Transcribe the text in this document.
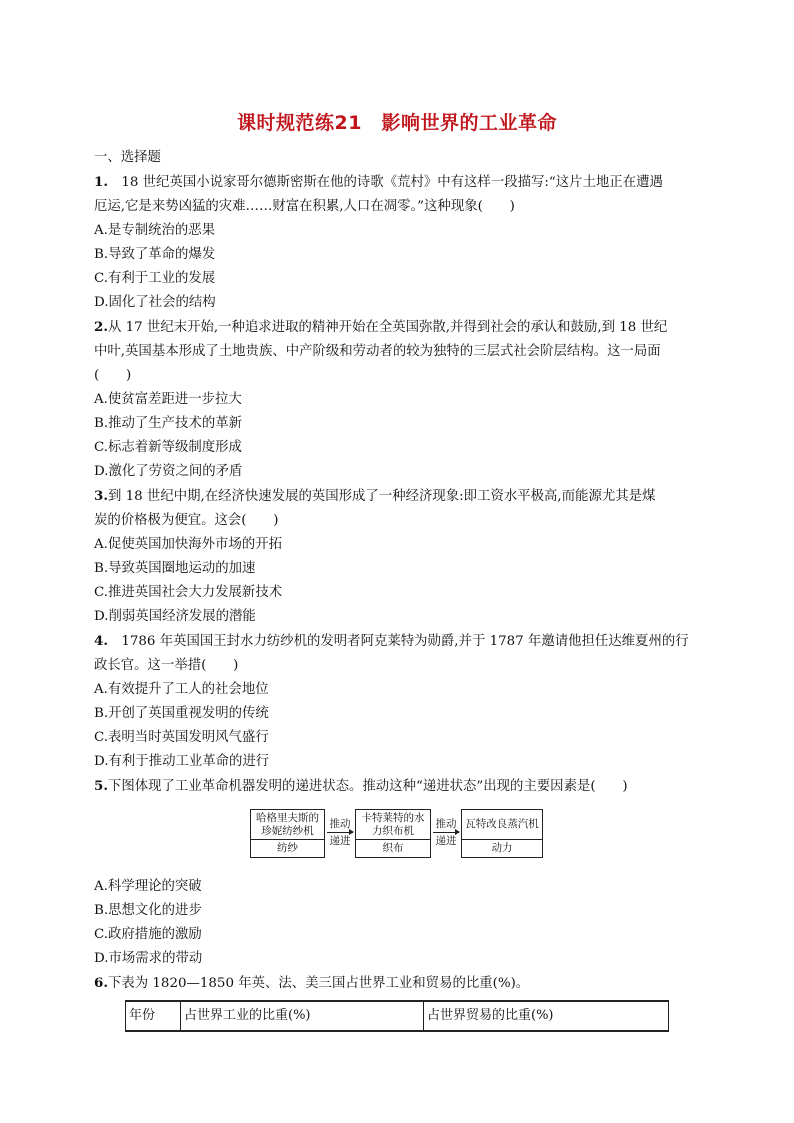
课时规范练21　影响世界的工业革命
一、选择题
1.　18 世纪英国小说家哥尔德斯密斯在他的诗歌《荒村》中有这样一段描写:“这片土地正在遭遇
厄运,它是来势凶猛的灾难……财富在积累,人口在凋零。”这种现象(　　)
A.是专制统治的恶果
B.导致了革命的爆发
C.有利于工业的发展
D.固化了社会的结构
2.从 17 世纪末开始,一种追求进取的精神开始在全英国弥散,并得到社会的承认和鼓励,到 18 世纪
中叶,英国基本形成了土地贵族、中产阶级和劳动者的较为独特的三层式社会阶层结构。这一局面
(　　)
A.使贫富差距进一步拉大
B.推动了生产技术的革新
C.标志着新等级制度形成
D.激化了劳资之间的矛盾
3.到 18 世纪中期,在经济快速发展的英国形成了一种经济现象:即工资水平极高,而能源尤其是煤
炭的价格极为便宜。这会(　　)
A.促使英国加快海外市场的开拓
B.导致英国圈地运动的加速
C.推进英国社会大力发展新技术
D.削弱英国经济发展的潜能
4.　1786 年英国国王封水力纺纱机的发明者阿克莱特为勋爵,并于 1787 年邀请他担任达维夏州的行
政长官。这一举措(　　)
A.有效提升了工人的社会地位
B.开创了英国重视发明的传统
C.表明当时英国发明风气盛行
D.有利于推动工业革命的进行
5.下图体现了工业革命机器发明的递进状态。推动这种“递进状态”出现的主要因素是(　　)
哈格里夫斯的珍妮纺纱机
纺纱
推动
递进
卡特莱特的水力织布机
织布
推动
递进
瓦特改良蒸汽机
动力
A.科学理论的突破
B.思想文化的进步
C.政府措施的激励
D.市场需求的带动
6.下表为 1820—1850 年英、法、美三国占世界工业和贸易的比重(%)。
年份	占世界工业的比重(%)	占世界贸易的比重(%)
